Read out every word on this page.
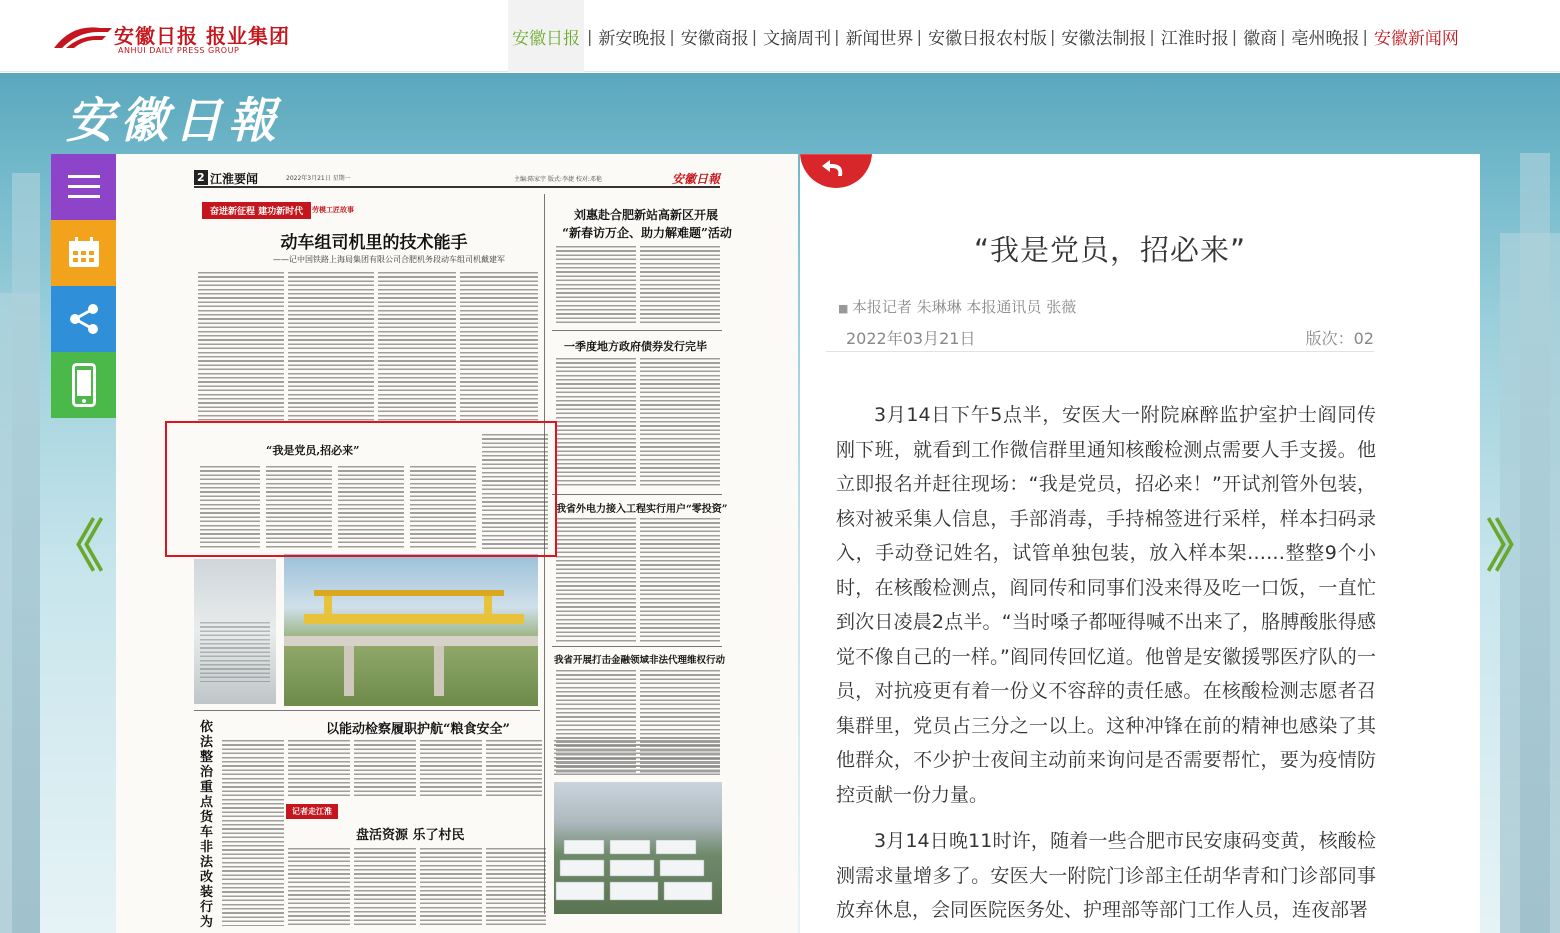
安徽日报 报业集团
ANHUI DAILY PRESS GROUP
安徽日报 | 新安晚报 | 安徽商报 | 文摘周刊 | 新闻世界 | 安徽日报农村版 | 安徽法制报 | 江淮时报 | 徽商 | 亳州晚报 | 安徽新闻网
安徽日報
《	》
2 江淮要闻	2022年3月21日 星期一	主编:陈家宇 版式:李捷 校对:邓艳	安徽日報
奋进新征程 建功新时代	劳模工匠故事
动车组司机里的技术能手
——记中国铁路上海局集团有限公司合肥机务段动车组司机戴建军
刘惠赴合肥新站高新区开展
“新春访万企、助力解难题”活动
一季度地方政府债券发行完毕
我省外电力接入工程实行用户“零投资”
我省开展打击金融领域非法代理维权行动
“我是党员,招必来”
以能动检察履职护航“粮食安全”
依法整治重点货车非法改装行为
记者走江淮
盘活资源 乐了村民
“我是党员，招必来”
■ 本报记者 朱琳琳 本报通讯员 张薇
2022年03月21日	版次：02

3月14日下午5点半，安医大一附院麻醉监护室护士阎同传刚下班，就看到工作微信群里通知核酸检测点需要人手支援。他立即报名并赶往现场：“我是党员，招必来！”开试剂管外包装，核对被采集人信息，手部消毒，手持棉签进行采样，样本扫码录入，手动登记姓名，试管单独包装，放入样本架……整整9个小时，在核酸检测点，阎同传和同事们没来得及吃一口饭，一直忙到次日凌晨2点半。“当时嗓子都哑得喊不出来了，胳膊酸胀得感觉不像自己的一样。”阎同传回忆道。他曾是安徽援鄂医疗队的一员，对抗疫更有着一份义不容辞的责任感。在核酸检测志愿者召集群里，党员占三分之一以上。这种冲锋在前的精神也感染了其他群众，不少护士夜间主动前来询问是否需要帮忙，要为疫情防控贡献一份力量。

3月14日晚11时许，随着一些合肥市民安康码变黄，核酸检测需求量增多了。安医大一附院门诊部主任胡华青和门诊部同事放弃休息，会同医院医务处、护理部等部门工作人员，连夜部署
